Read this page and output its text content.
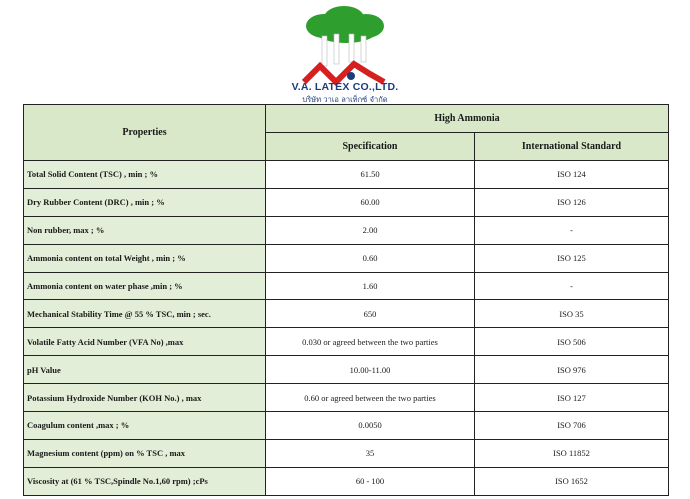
V.A. LATEX CO.,LTD.
บริษัท วาเอ ลาเท็กซ์ จำกัด
Properties	High Ammonia	
	Specification	International Standard
Total Solid Content (TSC) , min ; %	61.50	ISO 124
Dry Rubber Content (DRC) , min ; %	60.00	ISO 126
Non rubber, max ; %	2.00	-
Ammonia content on total Weight , min ; %	0.60	ISO 125
Ammonia content on water phase ,min ; %	1.60	-
Mechanical Stability Time @ 55 % TSC, min ; sec.	650	ISO 35
Volatile Fatty Acid Number (VFA No) ,max	0.030 or agreed between the two parties	ISO 506
pH Value	10.00-11.00	ISO 976
Potassium Hydroxide Number (KOH No.) , max	0.60 or agreed between the two parties	ISO 127
Coagulum content ,max ; %	0.0050	ISO 706
Magnesium content (ppm) on % TSC , max	35	ISO 11852
Viscosity at (61 % TSC,Spindle No.1,60 rpm) ;cPs	60 - 100	ISO 1652
